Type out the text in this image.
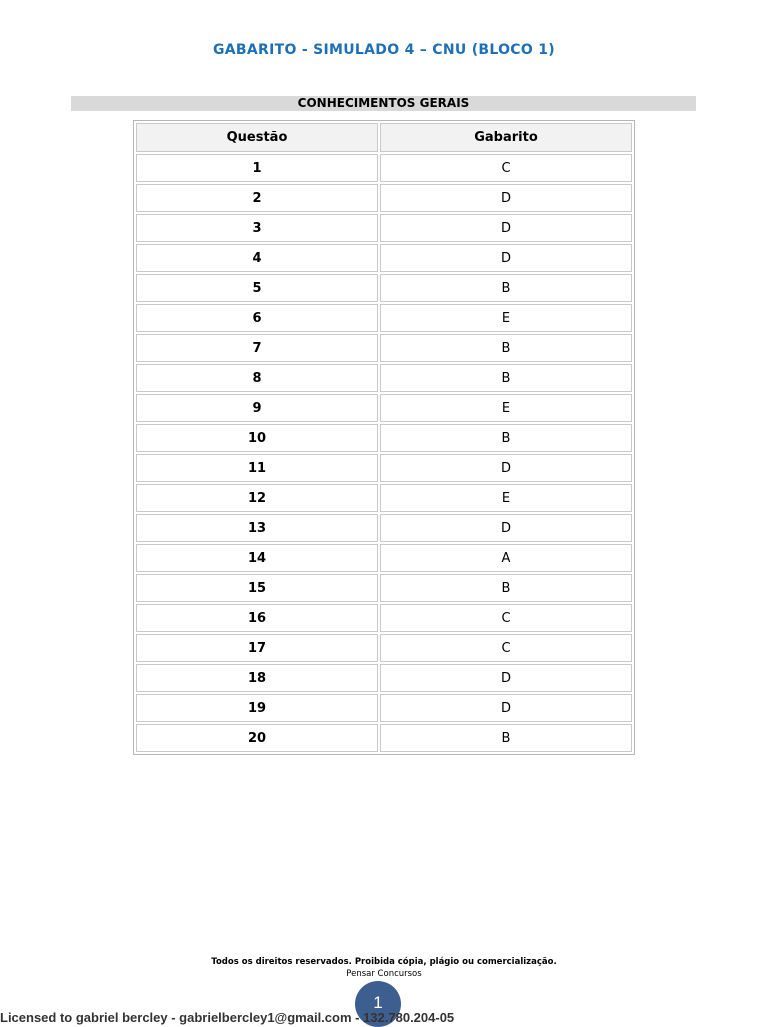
GABARITO - SIMULADO 4 – CNU (BLOCO 1)
CONHECIMENTOS GERAIS
Questão	Gabarito
1	C
2	D
3	D
4	D
5	B
6	E
7	B
8	B
9	E
10	B
11	D
12	E
13	D
14	A
15	B
16	C
17	C
18	D
19	D
20	B
Todos os direitos reservados. Proibida cópia, plágio ou comercialização.
Pensar Concursos
1
Licensed to gabriel bercley - gabrielbercley1@gmail.com - 132.780.204-05
